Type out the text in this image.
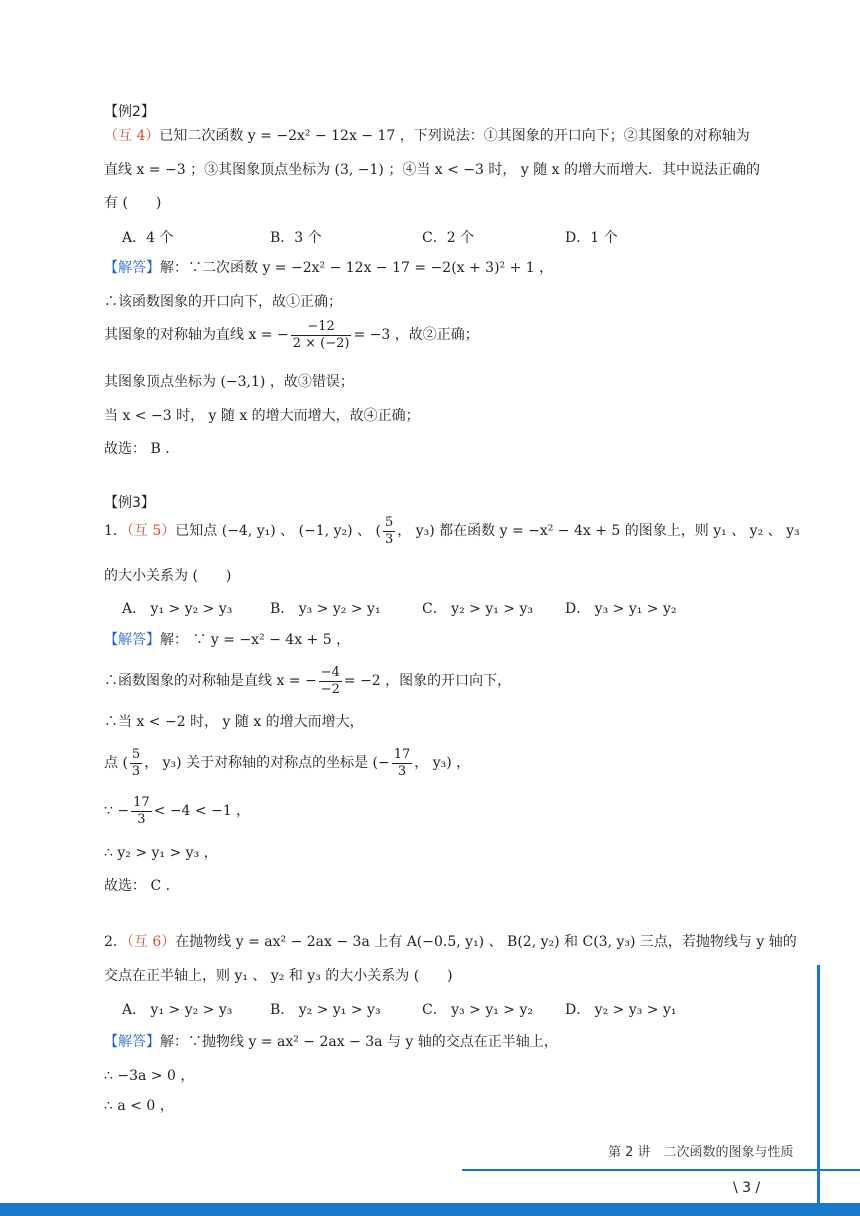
【例2】
（互 4）已知二次函数 y = −2x² − 12x − 17 ，下列说法：①其图象的开口向下；②其图象的对称轴为
直线 x = −3 ；③其图象顶点坐标为 (3, −1) ；④当 x < −3 时， y 随 x 的增大而增大．其中说法正确的
有 (　　)
A．4 个	B．3 个	C．2 个	D．1 个
【解答】解：∵二次函数 y = −2x² − 12x − 17 = −2(x + 3)² + 1 ，
∴该函数图象的开口向下，故①正确；
其图象的对称轴为直线 x = − $\frac{-12}{2 \times (-2)} = -3$ ，故②正确；
其图象顶点坐标为 (−3,1) ，故③错误；
当 x < −3 时， y 随 x 的增大而增大，故④正确；
故选： B .
【例3】
1．（互 5）已知点 (−4, y₁) 、 (−1, y₂) 、 ( $\frac{5}{3}$ ， y₃) 都在函数 y = −x² − 4x + 5 的图象上，则 y₁ 、 y₂ 、 y₃
的大小关系为 (　　)
A． y₁ > y₂ > y₃	B． y₃ > y₂ > y₁	C． y₂ > y₁ > y₃ D． y₃ > y₁ > y₂
【解答】解： ∵ y = −x² − 4x + 5 ，
∴函数图象的对称轴是直线 x = − $\frac{-4}{-2} = -2$ ，图象的开口向下，
∴当 x < −2 时， y 随 x 的增大而增大，
点 ( $\frac{5}{3}$ ， y₃) 关于对称轴的对称点的坐标是 (− $\frac{17}{3}$ ， y₃) ，
∵ − $\frac{17}{3} < -4 < -1$ ，
∴ y₂ > y₁ > y₃ ，
故选： C .
2．（互 6）在抛物线 y = ax² − 2ax − 3a 上有 A(−0.5, y₁) 、 B(2, y₂) 和 C(3, y₃) 三点，若抛物线与 y 轴的
交点在正半轴上，则 y₁ 、 y₂ 和 y₃ 的大小关系为 (　　)
A． y₁ > y₂ > y₃	B． y₂ > y₁ > y₃	C． y₃ > y₁ > y₂ D． y₂ > y₃ > y₁
【解答】解：∵抛物线 y = ax² − 2ax − 3a 与 y 轴的交点在正半轴上，
∴ −3a > 0 ，
∴ a < 0 ，
第 2 讲　二次函数的图象与性质
\ 3 /
